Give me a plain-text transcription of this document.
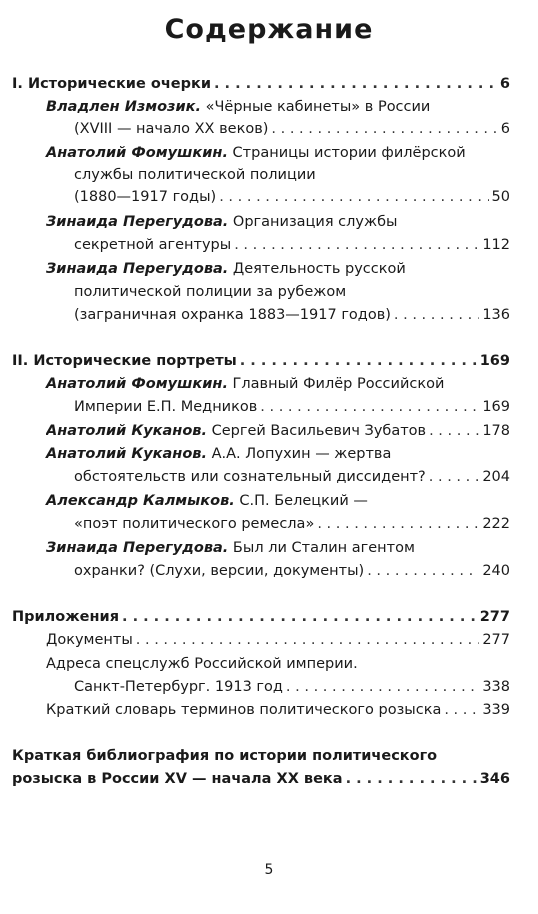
Содержание
I. Исторические очерки . . .	6
Владлен Измозик. «Чёрные кабинеты» в России
(XVIII — начало XX веков) . . .	6
Анатолий Фомушкин. Страницы истории филёрской
службы политической полиции
(1880—1917 годы) . . .	50
Зинаида Перегудова. Организация службы
секретной агентуры . . .	112
Зинаида Перегудова. Деятельность русской
политической полиции за рубежом
(заграничная охранка 1883—1917 годов) . . .	136
II. Исторические портреты . . .	169
Анатолий Фомушкин. Главный Филёр Российской
Империи Е.П. Медников . . .	169
Анатолий Куканов. Сергей Васильевич Зубатов . . .	178
Анатолий Куканов. А.А. Лопухин — жертва
обстоятельств или сознательный диссидент? . . .	204
Александр Калмыков. С.П. Белецкий —
«поэт политического ремесла» . . .	222
Зинаида Перегудова. Был ли Сталин агентом
охранки? (Слухи, версии, документы) . . .	240
Приложения . . .	277
Документы . . .	277
Адреса спецслужб Российской империи.
Санкт-Петербург. 1913 год . . .	338
Краткий словарь терминов политического розыска . . .	339
Краткая библиография по истории политического
розыска в России XV — начала XX века . . .	346
5
